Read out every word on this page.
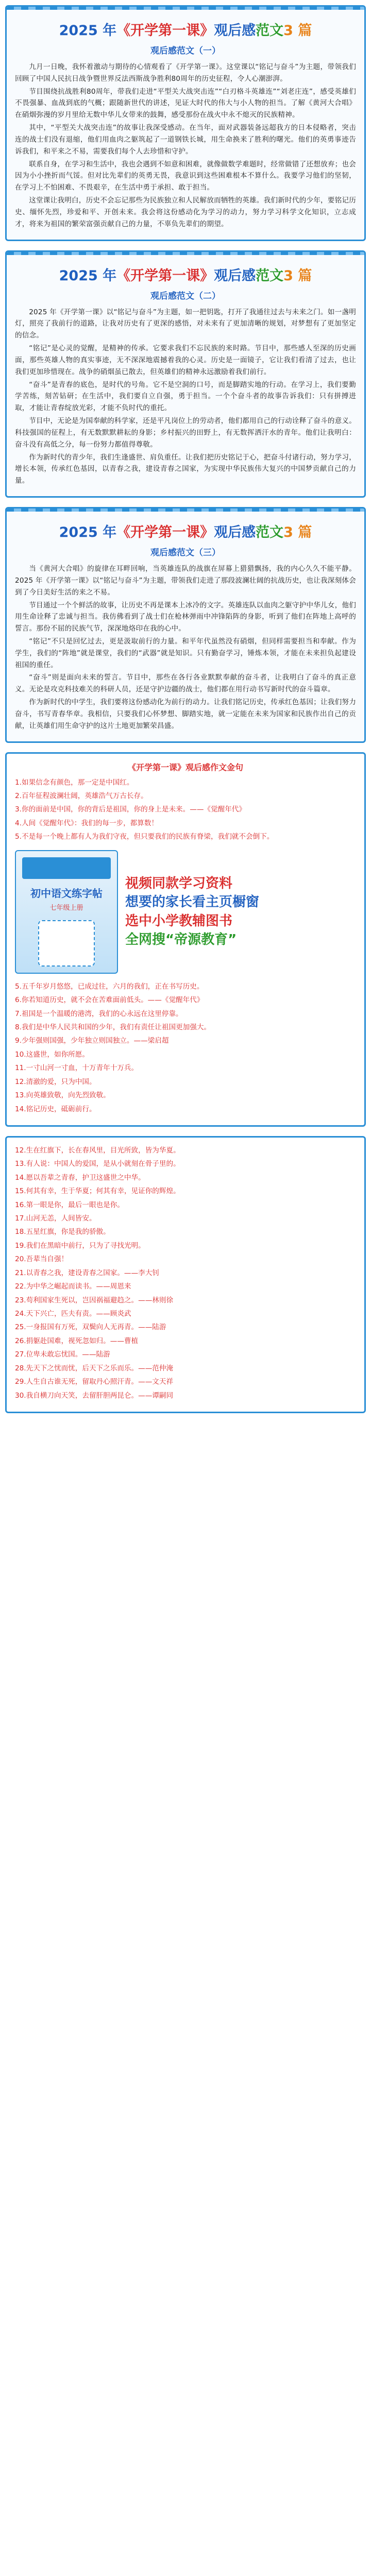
2025 年《开学第一课》观后感范文3 篇
观后感范文（一）

九月一日晚，我怀着激动与期待的心情观看了《开学第一课》。这堂课以“铭记与奋斗”为主题，带领我们回顾了中国人民抗日战争暨世界反法西斯战争胜利80周年的历史征程，令人心潮澎湃。

节目围绕抗战胜利80周年，带我们走进“平型关大战突击连”“白刃格斗英雄连”“刘老庄连”，感受英雄们不畏强暴、血战到底的气概；跟随新世代的讲述，见证大时代的伟大与小人物的担当。了解《黄河大合唱》在硝烟弥漫的岁月里给无数中华儿女带来的鼓舞，感受那份在战火中永不熄灭的民族精神。

其中，“平型关大战突击连”的故事让我深受感动。在当年，面对武器装备远超我方的日本侵略者，突击连的战士们没有退缩，他们用血肉之躯筑起了一道钢铁长城，用生命换来了胜利的曙光。他们的英勇事迹告诉我们，和平来之不易，需要我们每个人去珍惜和守护。

联系自身，在学习和生活中，我也会遇到不如意和困难，就像做数学难题时，经常做错了还想放弃；也会因为小小挫折而气馁。但对比先辈们的英勇无畏，我意识到这些困难根本不算什么。我要学习他们的坚韧，在学习上不怕困难、不畏艰辛，在生活中勇于承担、敢于担当。

这堂课让我明白，历史不会忘记那些为民族独立和人民解放而牺牲的英雄。我们新时代的少年，要铭记历史、缅怀先烈，珍爱和平、开创未来。我会将这份感动化为学习的动力，努力学习科学文化知识，立志成才，将来为祖国的繁荣富强贡献自己的力量，不辜负先辈们的期望。

2025 年《开学第一课》观后感范文3 篇
观后感范文（二）

2025 年《开学第一课》以“铭记与奋斗”为主题，如一把钥匙，打开了我通往过去与未来之门。如一盏明灯，照亮了我前行的道路，让我对历史有了更深的感悟，对未来有了更加清晰的规划，对梦想有了更加坚定的信念。

“铭记”是心灵的觉醒，是精神的传承。它要求我们不忘民族的来时路。节目中，那些感人至深的历史画面，那些英雄人物的真实事迹，无不深深地震撼着我的心灵。历史是一面镜子，它让我们看清了过去，也让我们更加珍惜现在。战争的硝烟虽已散去，但英雄们的精神永远激励着我们前行。

“奋斗”是青春的底色，是时代的号角。它不是空洞的口号，而是脚踏实地的行动。在学习上，我们要勤学苦练，刻苦钻研；在生活中，我们要自立自强，勇于担当。一个个奋斗者的故事告诉我们：只有拼搏进取，才能让青春绽放光彩，才能不负时代的重托。

节目中，无论是为国奉献的科学家，还是平凡岗位上的劳动者，他们都用自己的行动诠释了奋斗的意义。科技强国的征程上，有无数默默耕耘的身影；乡村振兴的田野上，有无数挥洒汗水的青年。他们让我明白：奋斗没有高低之分，每一份努力都值得尊敬。

作为新时代的青少年，我们生逢盛世、肩负重任。让我们把历史铭记于心，把奋斗付诸行动，努力学习，增长本领，传承红色基因，以青春之我，建设青春之国家，为实现中华民族伟大复兴的中国梦贡献自己的力量。

2025 年《开学第一课》观后感范文3 篇
观后感范文（三）

当《黄河大合唱》的旋律在耳畔回响，当英雄连队的战旗在屏幕上猎猎飘扬，我的内心久久不能平静。2025 年《开学第一课》以“铭记与奋斗”为主题，带领我们走进了那段波澜壮阔的抗战历史，也让我深刻体会到了今日美好生活的来之不易。

节目通过一个个鲜活的故事，让历史不再是课本上冰冷的文字。英雄连队以血肉之躯守护中华儿女，他们用生命诠释了忠诚与担当。我仿佛看到了战士们在枪林弹雨中冲锋陷阵的身影，听到了他们在阵地上高呼的誓言。那份不屈的民族气节，深深地烙印在我的心中。

“铭记”不只是回忆过去，更是汲取前行的力量。和平年代虽然没有硝烟，但同样需要担当和奉献。作为学生，我们的“阵地”就是课堂，我们的“武器”就是知识。只有勤奋学习，锤炼本领，才能在未来担负起建设祖国的重任。

“奋斗”则是面向未来的誓言。节目中，那些在各行各业默默奉献的奋斗者，让我明白了奋斗的真正意义。无论是攻克科技难关的科研人员，还是守护边疆的战士，他们都在用行动书写新时代的奋斗篇章。

作为新时代的中学生，我们要将这份感动化为前行的动力。让我们铭记历史，传承红色基因；让我们努力奋斗，书写青春华章。我相信，只要我们心怀梦想、脚踏实地，就一定能在未来为国家和民族作出自己的贡献，让英雄们用生命守护的这片土地更加繁荣昌盛。

《开学第一课》观后感作文金句
1.如果信念有颜色，那一定是中国红。
2.百年征程波澜壮阔，英雄浩气万古长存。
3.你的面前是中国，你的背后是祖国，你的身上是未来。——《觉醒年代》
4.人间《觉醒年代》：我们的每一步，都算数！
5.不是每一个晚上都有人为我们守夜，但只要我们的民族有脊梁，我们就不会倒下。
初中语文练字帖
七年级上册
视频同款学习资料
想要的家长看主页橱窗
选中小学教辅图书
全网搜“帝源教育”
5.五千年岁月悠悠，已成过往，六月的我们，正在书写历史。
6.你若知道历史，就不会在苦难面前低头。——《觉醒年代》
7.祖国是一个温暖的港湾，我们的心永远在这里停靠。
8.我们是中华人民共和国的少年，我们有责任让祖国更加强大。
9.少年强则国强，少年独立则国独立。——梁启超
10.这盛世，如你所愿。
11.一寸山河一寸血，十万青年十万兵。
12.清澈的爱，只为中国。
13.向英雄致敬，向先烈致敬。
14.铭记历史，砥砺前行。
12.生在红旗下，长在春风里，目光所致，皆为华夏。
13.有人说：中国人的爱国，是从小就刻在骨子里的。
14.愿以吾辈之青春，护卫这盛世之中华。
15.何其有幸，生于华夏；何其有幸，见证你的辉煌。
16.第一眼是你，最后一眼也是你。
17.山河无恙，人间皆安。
18.五星红旗，你是我的骄傲。
19.我们在黑暗中前行，只为了寻找光明。
20.吾辈当自强！
21.以青春之我，建设青春之国家。——李大钊
22.为中华之崛起而读书。——周恩来
23.苟利国家生死以，岂因祸福避趋之。——林则徐
24.天下兴亡，匹夫有责。——顾炎武
25.一身报国有万死，双鬓向人无再青。——陆游
26.捐躯赴国难，视死忽如归。——曹植
27.位卑未敢忘忧国。——陆游
28.先天下之忧而忧，后天下之乐而乐。——范仲淹
29.人生自古谁无死，留取丹心照汗青。——文天祥
30.我自横刀向天笑，去留肝胆两昆仑。——谭嗣同
